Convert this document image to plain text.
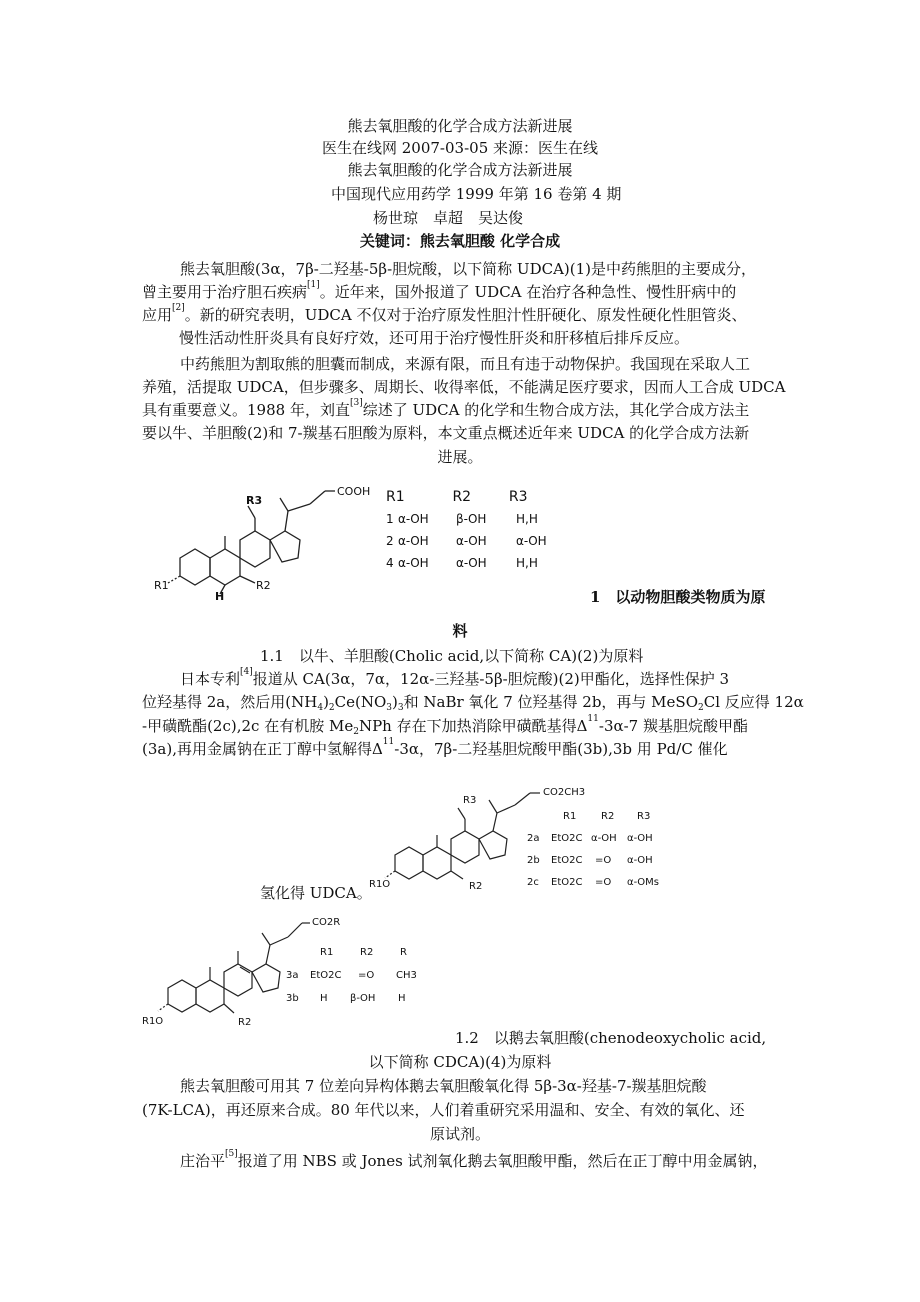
熊去氧胆酸的化学合成方法新进展
医生在线网 2007-03-05 来源：医生在线
熊去氧胆酸的化学合成方法新进展
中国现代应用药学 1999 年第 16 卷第 4 期
杨世琼　卓超　吴达俊
关键词：熊去氧胆酸 化学合成
熊去氧胆酸(3α，7β-二羟基-5β-胆烷酸，以下简称 UDCA)(1)是中药熊胆的主要成分，
曾主要用于治疗胆石疾病[1]。近年来，国外报道了 UDCA 在治疗各种急性、慢性肝病中的
应用[2]。新的研究表明，UDCA 不仅对于治疗原发性胆汁性肝硬化、原发性硬化性胆管炎、
慢性活动性肝炎具有良好疗效，还可用于治疗慢性肝炎和肝移植后排斥反应。
中药熊胆为割取熊的胆囊而制成，来源有限，而且有违于动物保护。我国现在采取人工
养殖，活提取 UDCA，但步骤多、周期长、收得率低，不能满足医疗要求，因而人工合成 UDCA
具有重要意义。1988 年，刘直[3]综述了 UDCA 的化学和生物合成方法，其化学合成方法主
要以牛、羊胆酸(2)和 7-羰基石胆酸为原料，本文重点概述近年来 UDCA 的化学合成方法新
进展。
COOH
R3
R1
H
R2
R1	R2	R3
1 α-OH β-OH H,H
2 α-OH α-OH α-OH
4 α-OH α-OH H,H
1　以动物胆酸类物质为原
料
1.1　以牛、羊胆酸(Cholic acid,以下简称 CA)(2)为原料
日本专利[4]报道从 CA(3α，7α，12α-三羟基-5β-胆烷酸)(2)甲酯化，选择性保护 3
位羟基得 2a，然后用(NH4)2Ce(NO3)3和 NaBr 氧化 7 位羟基得 2b，再与 MeSO2Cl 反应得 12α
-甲磺酰酯(2c),2c 在有机胺 Me2NPh 存在下加热消除甲磺酰基得$\Delta^{11}-3\alpha-7$ 羰基胆烷酸甲酯
(3a),再用金属钠在正丁醇中氢解得$\Delta^{11}-3\alpha$，7β-二羟基胆烷酸甲酯(3b),3b 用 Pd/C 催化
CO2CH3
R3
R1O	R2
R1 R2 R3
2a EtO2C α-OH α-OH
2b EtO2C =O α-OH
2c EtO2C =O α-OMs
氢化得 UDCA。
CO2R
R1O	R2
R1	R2	R
3a EtO2C =O CH3
3b H β-OH H
1.2　以鹅去氧胆酸(chenodeoxycholic acid,
以下简称 CDCA)(4)为原料
熊去氧胆酸可用其 7 位差向异构体鹅去氧胆酸氧化得 5β-3α-羟基-7-羰基胆烷酸
(7K-LCA)，再还原来合成。80 年代以来，人们着重研究采用温和、安全、有效的氧化、还
原试剂。
庄治平[5]报道了用 NBS 或 Jones 试剂氧化鹅去氧胆酸甲酯，然后在正丁醇中用金属钠，
